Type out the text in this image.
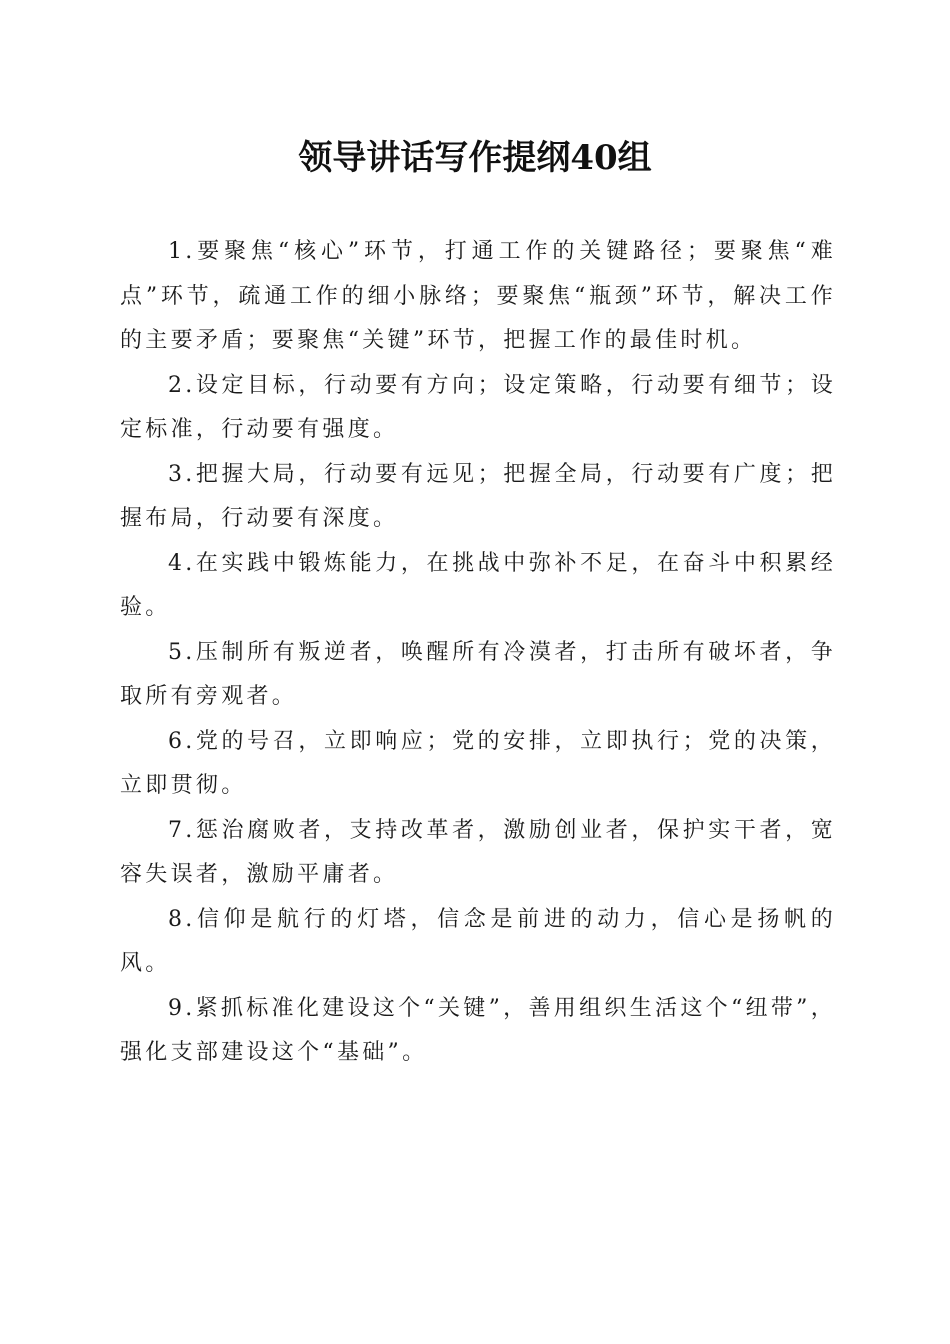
领导讲话写作提纲40组

1.要聚焦“核心”环节，打通工作的关键路径；要聚焦“难点”环节，疏通工作的细小脉络；要聚焦“瓶颈”环节，解决工作的主要矛盾；要聚焦“关键”环节，把握工作的最佳时机。

2.设定目标，行动要有方向；设定策略，行动要有细节；设定标准，行动要有强度。

3.把握大局，行动要有远见；把握全局，行动要有广度；把握布局，行动要有深度。

4.在实践中锻炼能力，在挑战中弥补不足，在奋斗中积累经验。

5.压制所有叛逆者，唤醒所有冷漠者，打击所有破坏者，争取所有旁观者。

6.党的号召，立即响应；党的安排，立即执行；党的决策，立即贯彻。

7.惩治腐败者，支持改革者，激励创业者，保护实干者，宽容失误者，激励平庸者。

8.信仰是航行的灯塔，信念是前进的动力，信心是扬帆的风。

9.紧抓标准化建设这个“关键”，善用组织生活这个“纽带”，强化支部建设这个“基础”。
